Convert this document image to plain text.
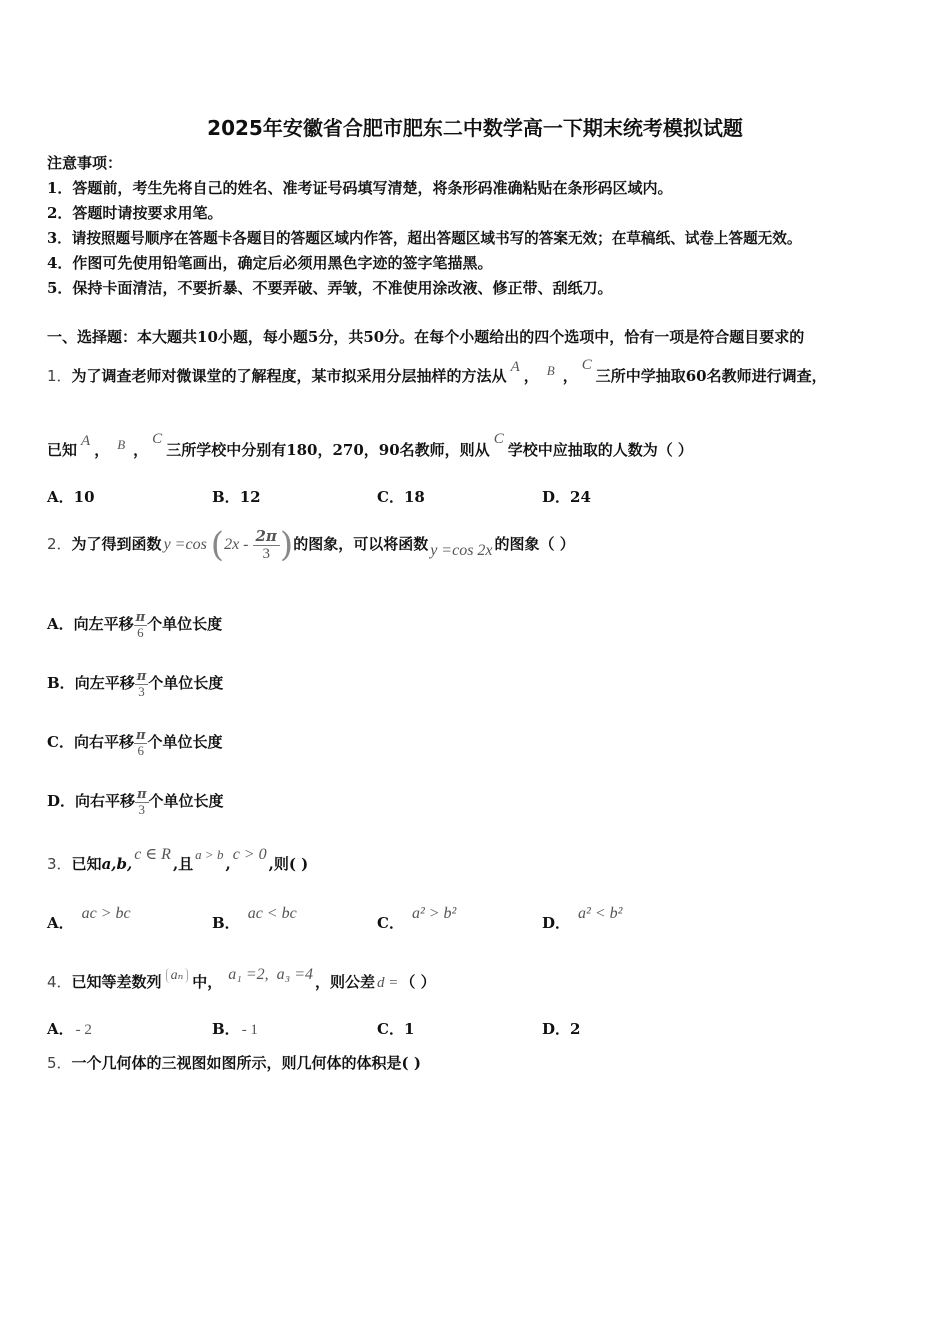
2025年安徽省合肥市肥东二中数学高一下期末统考模拟试题
注意事项：
1．答题前，考生先将自己的姓名、准考证号码填写清楚，将条形码准确粘贴在条形码区域内。
2．答题时请按要求用笔。
3．请按照题号顺序在答题卡各题目的答题区域内作答，超出答题区域书写的答案无效；在草稿纸、试卷上答题无效。
4．作图可先使用铅笔画出，确定后必须用黑色字迹的签字笔描黑。
5．保持卡面清洁，不要折暴、不要弄破、弄皱，不准使用涂改液、修正带、刮纸刀。
一、选择题：本大题共10小题，每小题5分，共50分。在每个小题给出的四个选项中，恰有一项是符合题目要求的
1．为了调查老师对微课堂的了解程度，某市拟采用分层抽样的方法从 A ， B ，C三所中学抽取60名教师进行调查，
已知 A ， B ，C三所学校中分别有180，270，90名教师，则从C学校中应抽取的人数为（ ）
A．10	B．12	C．18	D．24
2．为了得到函数 y =cos ($2x - \frac{2\pi}{3}$ )的图象，可以将函数 y =cos 2x 的图象（ ）
A．向左平移 $\frac{\pi}{6}$ 个单位长度
B．向左平移 $\frac{\pi}{3}$ 个单位长度
C．向右平移 $\frac{\pi}{6}$ 个单位长度
D．向右平移 $\frac{\pi}{3}$ 个单位长度
3．已知a,b,c ∈ R,且a > b,c > 0,则( )
A．ac > bc
B．ac < bc
C．a² > b²
D．a² < b²
4．已知等差数列 aₙ 中， a₁ =2, a₃ =4 ，则公差 d = （ ）
A． - 2	B． - 1	C．1	D．2
5．一个几何体的三视图如图所示，则几何体的体积是( )
